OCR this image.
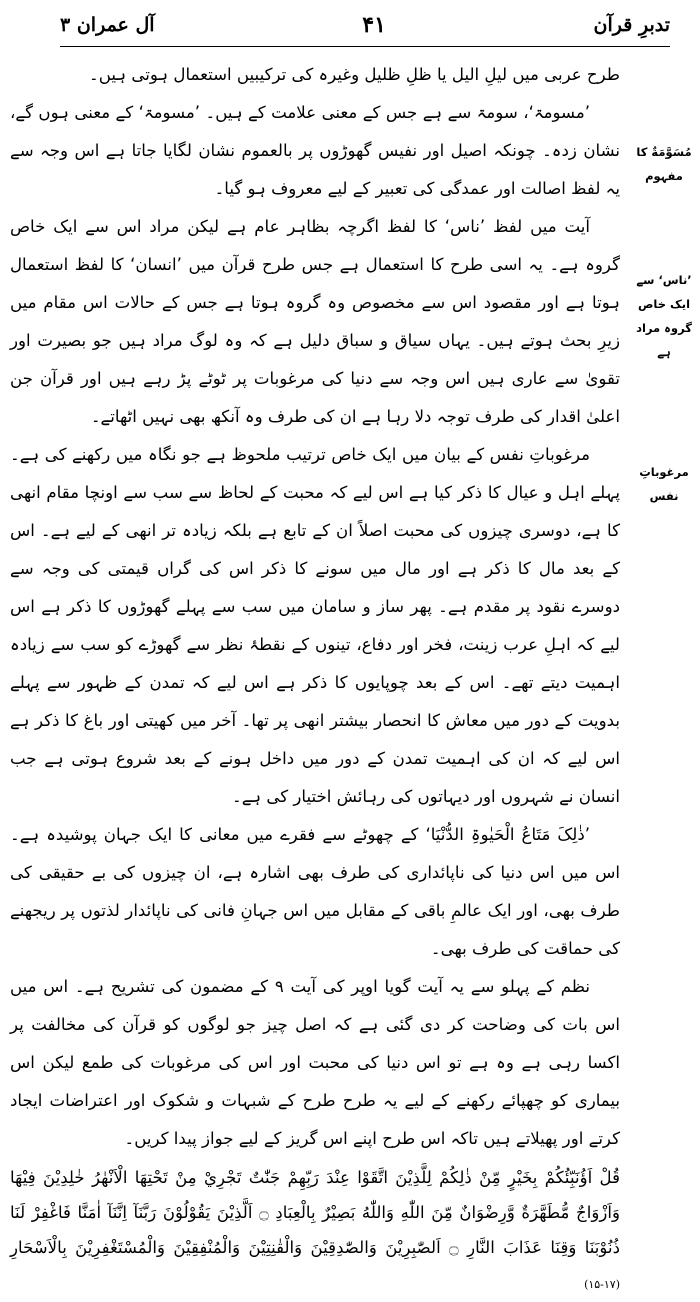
تدبرِ قرآن
۴۱
آل عمران ۳
مُسَوَّمَةٌ کا مفہوم
’ناس‘ سے ایک خاص گروہ مراد ہے
مرغوباتِ نفس

طرح عربی میں لیلِ الیل یا ظلِ ظلیل وغیرہ کی ترکیبیں استعمال ہوتی ہیں۔

’مسومۃ‘، سومۃ سے ہے جس کے معنی علامت کے ہیں۔ ’مسومۃ‘ کے معنی ہوں گے، نشان زدہ۔ چونکہ اصیل اور نفیس گھوڑوں پر بالعموم نشان لگایا جاتا ہے اس وجہ سے یہ لفظ اصالت اور عمدگی کی تعبیر کے لیے معروف ہو گیا۔

آیت میں لفظ ’ناس‘ کا لفظ اگرچہ بظاہر عام ہے لیکن مراد اس سے ایک خاص گروہ ہے۔ یہ اسی طرح کا استعمال ہے جس طرح قرآن میں ’انسان‘ کا لفظ استعمال ہوتا ہے اور مقصود اس سے مخصوص وہ گروہ ہوتا ہے جس کے حالات اس مقام میں زیرِ بحث ہوتے ہیں۔ یہاں سیاق و سباق دلیل ہے کہ وہ لوگ مراد ہیں جو بصیرت اور تقویٰ سے عاری ہیں اس وجہ سے دنیا کی مرغوبات پر ٹوٹے پڑ رہے ہیں اور قرآن جن اعلیٰ اقدار کی طرف توجہ دلا رہا ہے ان کی طرف وہ آنکھ بھی نہیں اٹھاتے۔

مرغوباتِ نفس کے بیان میں ایک خاص ترتیب ملحوظ ہے جو نگاہ میں رکھنے کی ہے۔ پہلے اہل و عیال کا ذکر کیا ہے اس لیے کہ محبت کے لحاظ سے سب سے اونچا مقام انھی کا ہے، دوسری چیزوں کی محبت اصلاً ان کے تابع ہے بلکہ زیادہ تر انھی کے لیے ہے۔ اس کے بعد مال کا ذکر ہے اور مال میں سونے کا ذکر اس کی گراں قیمتی کی وجہ سے دوسرے نقود پر مقدم ہے۔ پھر ساز و سامان میں سب سے پہلے گھوڑوں کا ذکر ہے اس لیے کہ اہلِ عرب زینت، فخر اور دفاع، تینوں کے نقطۂ نظر سے گھوڑے کو سب سے زیادہ اہمیت دیتے تھے۔ اس کے بعد چوپایوں کا ذکر ہے اس لیے کہ تمدن کے ظہور سے پہلے بدویت کے دور میں معاش کا انحصار بیشتر انھی پر تھا۔ آخر میں کھیتی اور باغ کا ذکر ہے اس لیے کہ ان کی اہمیت تمدن کے دور میں داخل ہونے کے بعد شروع ہوتی ہے جب انسان نے شہروں اور دیہاتوں کی رہائش اختیار کی ہے۔

’ذٰلِکَ مَتَاعُ الْحَیٰوۃِ الدُّنْیَا‘ کے چھوٹے سے فقرے میں معانی کا ایک جہان پوشیدہ ہے۔ اس میں اس دنیا کی ناپائداری کی طرف بھی اشارہ ہے، ان چیزوں کی بے حقیقی کی طرف بھی، اور ایک عالمِ باقی کے مقابل میں اس جہانِ فانی کی ناپائدار لذتوں پر ریجھنے کی حماقت کی طرف بھی۔

نظم کے پہلو سے یہ آیت گویا اوپر کی آیت ۹ کے مضمون کی تشریح ہے۔ اس میں اس بات کی وضاحت کر دی گئی ہے کہ اصل چیز جو لوگوں کو قرآن کی مخالفت پر اکسا رہی ہے وہ ہے تو اس دنیا کی محبت اور اس کی مرغوبات کی طمع لیکن اس بیماری کو چھپائے رکھنے کے لیے یہ طرح طرح کے شبہات و شکوک اور اعتراضات ایجاد کرتے اور پھیلاتے ہیں تاکہ اس طرح اپنے اس گریز کے لیے جواز پیدا کریں۔

قُلْ اَؤُنَبِّئُكُمْ بِخَيْرٍ مِّنْ ذٰلِكُمْ لِلَّذِيْنَ اتَّقَوْا عِنْدَ رَبِّهِمْ جَنّٰتٌ تَجْرِيْ مِنْ تَحْتِهَا الْاَنْهٰرُ خٰلِدِيْنَ فِيْهَا وَاَزْوَاجٌ مُّطَهَّرَةٌ وَّرِضْوَانٌ مِّنَ اللّٰهِ وَاللّٰهُ بَصِيْرٌ بِالْعِبَادِ ۝ اَلَّذِيْنَ يَقُوْلُوْنَ رَبَّنَآ اِنَّنَآ اٰمَنَّا فَاغْفِرْ لَنَا ذُنُوْبَنَا وَقِنَا عَذَابَ النَّارِ ۝ اَلصّٰبِرِيْنَ وَالصّٰدِقِيْنَ وَالْقٰنِتِيْنَ وَالْمُنْفِقِيْنَ وَالْمُسْتَغْفِرِيْنَ بِالْاَسْحَارِ (۱۵-۱۷)
